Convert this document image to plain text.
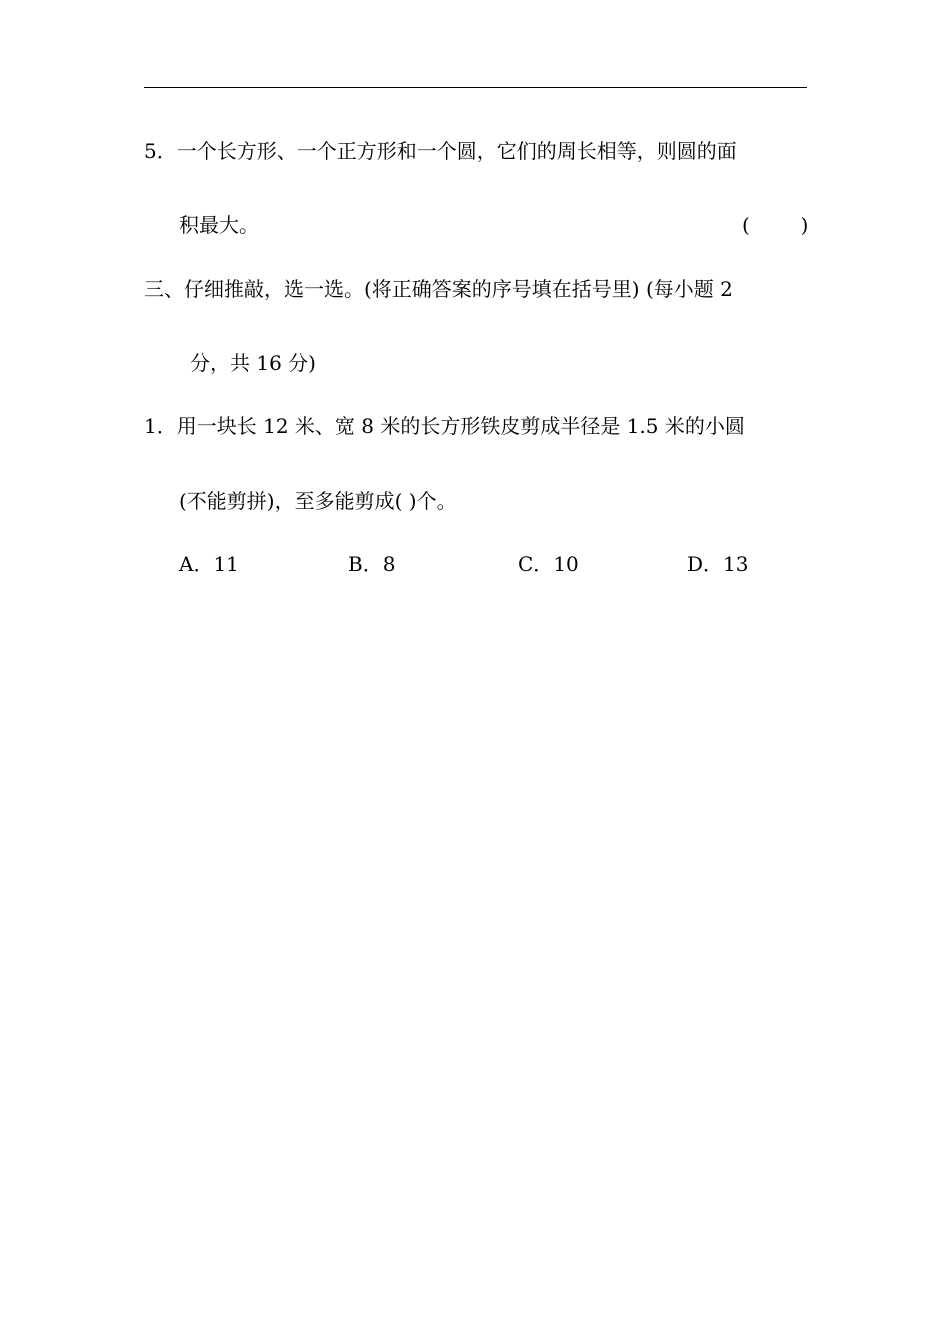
5．一个长方形、一个正方形和一个圆，它们的周长相等，则圆的面
积最大。	(        )
三、仔细推敲，选一选。(将正确答案的序号填在括号里) (每小题 2
分，共 16 分)
1．用一块长 12 米、宽 8 米的长方形铁皮剪成半径是 1.5 米的小圆
(不能剪拼)，至多能剪成( )个。
A．11	B．8	C．10	D．13
